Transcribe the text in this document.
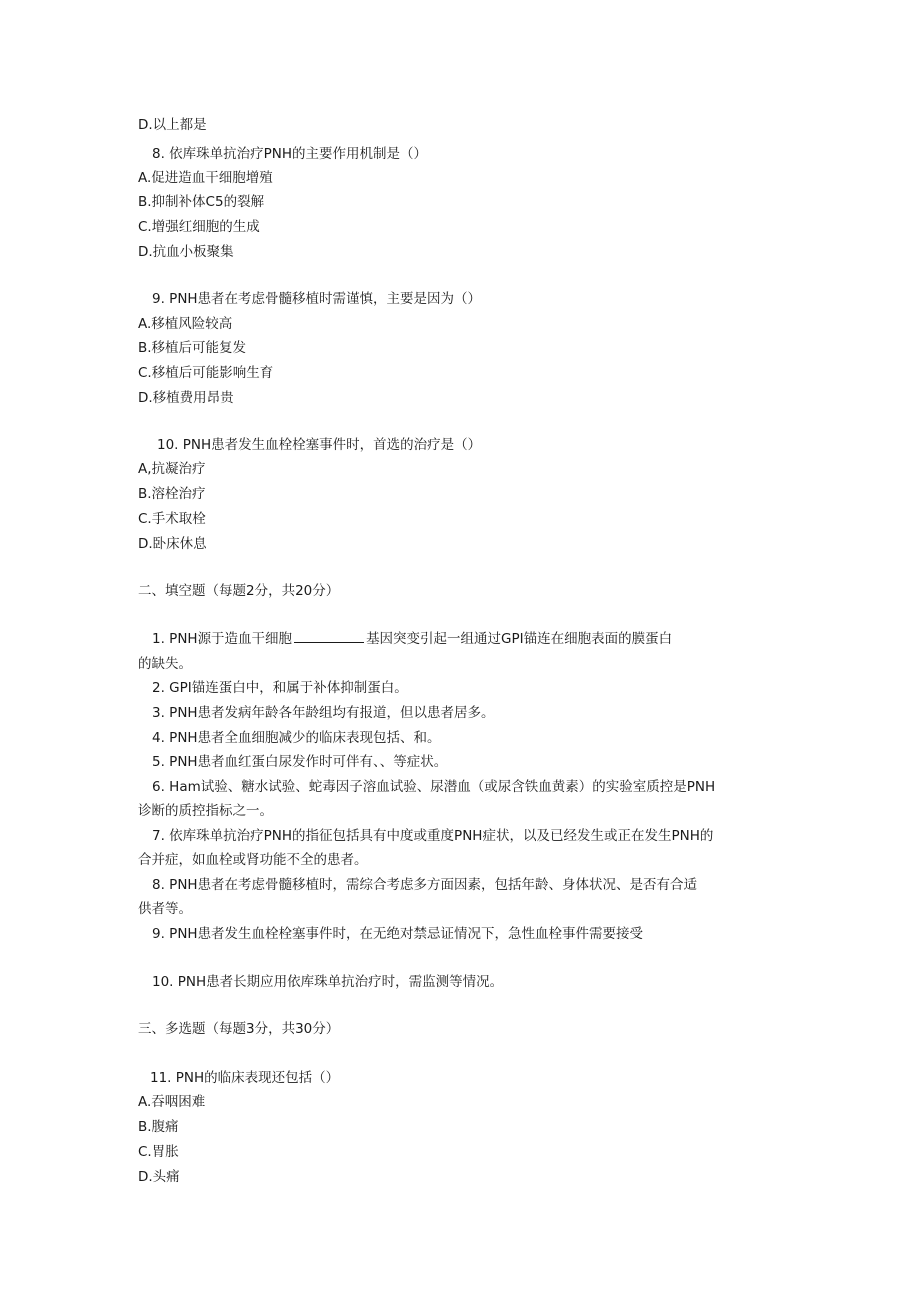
D.以上都是
8. 依库珠单抗治疗PNH的主要作用机制是（）
A.促进造血干细胞增殖
B.抑制补体C5的裂解
C.增强红细胞的生成
D.抗血小板聚集
9. PNH患者在考虑骨髓移植时需谨慎，主要是因为（）
A.移植风险较高
B.移植后可能复发
C.移植后可能影响生育
D.移植费用昂贵
10. PNH患者发生血栓栓塞事件时，首选的治疗是（）
A,抗凝治疗
B.溶栓治疗
C.手术取栓
D.卧床休息
二、填空题（每题2分，共20分）
1. PNH源于造血干细胞	基因突变引起一组通过GPI锚连在细胞表面的膜蛋白
的缺失。
2. GPI锚连蛋白中，和属于补体抑制蛋白。
3. PNH患者发病年龄各年龄组均有报道，但以患者居多。
4. PNH患者全血细胞减少的临床表现包括、和。
5. PNH患者血红蛋白尿发作时可伴有、、等症状。
6. Ham试验、糖水试验、蛇毒因子溶血试验、尿潜血（或尿含铁血黄素）的实验室质控是PNH
诊断的质控指标之一。
7. 依库珠单抗治疗PNH的指征包括具有中度或重度PNH症状，以及已经发生或正在发生PNH的
合并症，如血栓或肾功能不全的患者。
8. PNH患者在考虑骨髓移植时，需综合考虑多方面因素，包括年龄、身体状况、是否有合适
供者等。
9. PNH患者发生血栓栓塞事件时，在无绝对禁忌证情况下，急性血栓事件需要接受
10. PNH患者长期应用依库珠单抗治疗时，需监测等情况。
三、多选题（每题3分，共30分）
11. PNH的临床表现还包括（）
A.吞咽困难
B.腹痛
C.胃胀
D.头痛
